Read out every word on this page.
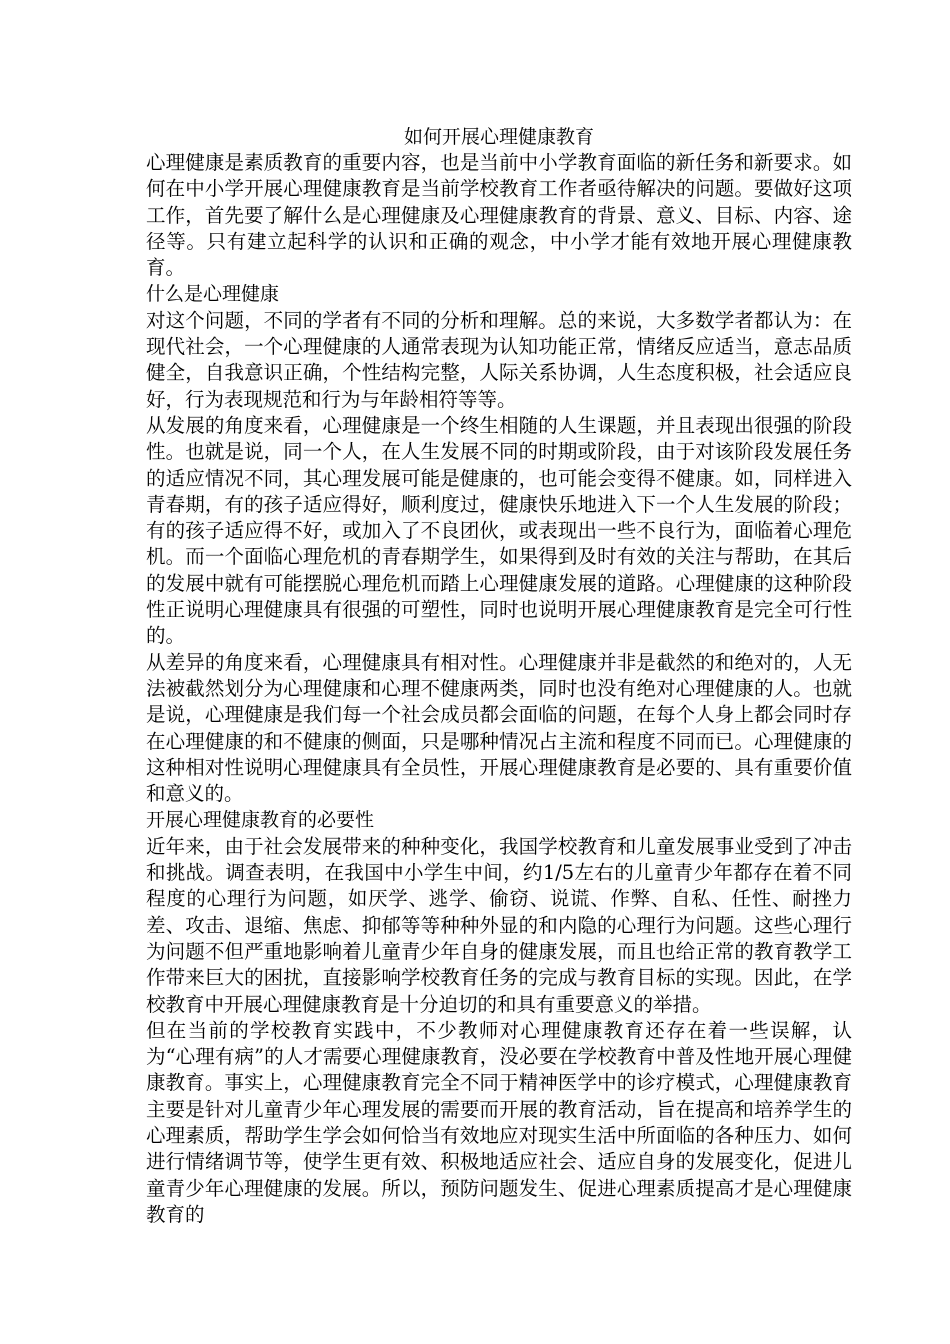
如何开展心理健康教育

心理健康是素质教育的重要内容，也是当前中小学教育面临的新任务和新要求。如何在中小学开展心理健康教育是当前学校教育工作者亟待解决的问题。要做好这项工作，首先要了解什么是心理健康及心理健康教育的背景、意义、目标、内容、途径等。只有建立起科学的认识和正确的观念，中小学才能有效地开展心理健康教育。

什么是心理健康

对这个问题，不同的学者有不同的分析和理解。总的来说，大多数学者都认为：在现代社会，一个心理健康的人通常表现为认知功能正常，情绪反应适当，意志品质健全，自我意识正确，个性结构完整，人际关系协调，人生态度积极，社会适应良好，行为表现规范和行为与年龄相符等等。

从发展的角度来看，心理健康是一个终生相随的人生课题，并且表现出很强的阶段性。也就是说，同一个人，在人生发展不同的时期或阶段，由于对该阶段发展任务的适应情况不同，其心理发展可能是健康的，也可能会变得不健康。如，同样进入青春期，有的孩子适应得好，顺利度过，健康快乐地进入下一个人生发展的阶段；有的孩子适应得不好，或加入了不良团伙，或表现出一些不良行为，面临着心理危机。而一个面临心理危机的青春期学生，如果得到及时有效的关注与帮助，在其后的发展中就有可能摆脱心理危机而踏上心理健康发展的道路。心理健康的这种阶段性正说明心理健康具有很强的可塑性，同时也说明开展心理健康教育是完全可行性的。

从差异的角度来看，心理健康具有相对性。心理健康并非是截然的和绝对的，人无法被截然划分为心理健康和心理不健康两类，同时也没有绝对心理健康的人。也就是说，心理健康是我们每一个社会成员都会面临的问题，在每个人身上都会同时存在心理健康的和不健康的侧面，只是哪种情况占主流和程度不同而已。心理健康的这种相对性说明心理健康具有全员性，开展心理健康教育是必要的、具有重要价值和意义的。

开展心理健康教育的必要性

近年来，由于社会发展带来的种种变化，我国学校教育和儿童发展事业受到了冲击和挑战。调查表明，在我国中小学生中间，约1/5左右的儿童青少年都存在着不同程度的心理行为问题，如厌学、逃学、偷窃、说谎、作弊、自私、任性、耐挫力差、攻击、退缩、焦虑、抑郁等等种种外显的和内隐的心理行为问题。这些心理行为问题不但严重地影响着儿童青少年自身的健康发展，而且也给正常的教育教学工作带来巨大的困扰，直接影响学校教育任务的完成与教育目标的实现。因此，在学校教育中开展心理健康教育是十分迫切的和具有重要意义的举措。

但在当前的学校教育实践中，不少教师对心理健康教育还存在着一些误解，认为“心理有病”的人才需要心理健康教育，没必要在学校教育中普及性地开展心理健康教育。事实上，心理健康教育完全不同于精神医学中的诊疗模式，心理健康教育主要是针对儿童青少年心理发展的需要而开展的教育活动，旨在提高和培养学生的心理素质，帮助学生学会如何恰当有效地应对现实生活中所面临的各种压力、如何进行情绪调节等，使学生更有效、积极地适应社会、适应自身的发展变化，促进儿童青少年心理健康的发展。所以，预防问题发生、促进心理素质提高才是心理健康教育的
